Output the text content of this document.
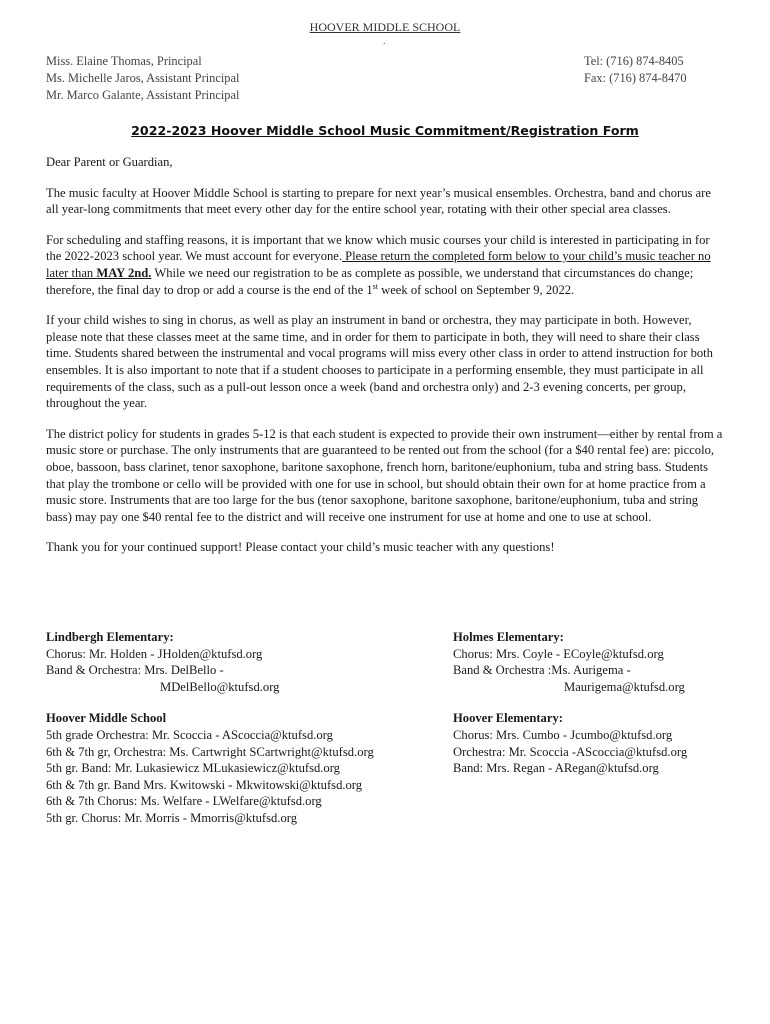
HOOVER MIDDLE SCHOOL
.
Miss. Elaine Thomas, Principal
Ms. Michelle Jaros, Assistant Principal
Mr. Marco Galante, Assistant Principal
Tel: (716) 874-8405
Fax: (716) 874-8470
2022-2023 Hoover Middle School Music Commitment/Registration Form

Dear Parent or Guardian,

The music faculty at Hoover Middle School is starting to prepare for next year’s musical ensembles. Orchestra, band and chorus are all year-long commitments that meet every other day for the entire school year, rotating with their other special area classes.

For scheduling and staffing reasons, it is important that we know which music courses your child is interested in participating in for the 2022-2023 school year. We must account for everyone. Please return the completed form below to your child’s music teacher no later than MAY 2nd. While we need our registration to be as complete as possible, we understand that circumstances do change; therefore, the final day to drop or add a course is the end of the 1st week of school on September 9, 2022.

If your child wishes to sing in chorus, as well as play an instrument in band or orchestra, they may participate in both. However, please note that these classes meet at the same time, and in order for them to participate in both, they will need to share their class time. Students shared between the instrumental and vocal programs will miss every other class in order to attend instruction for both ensembles. It is also important to note that if a student chooses to participate in a performing ensemble, they must participate in all requirements of the class, such as a pull-out lesson once a week (band and orchestra only) and 2-3 evening concerts, per group, throughout the year.

The district policy for students in grades 5-12 is that each student is expected to provide their own instrument—either by rental from a music store or purchase. The only instruments that are guaranteed to be rented out from the school (for a $40 rental fee) are: piccolo, oboe, bassoon, bass clarinet, tenor saxophone, baritone saxophone, french horn, baritone/euphonium, tuba and string bass. Students that play the trombone or cello will be provided with one for use in school, but should obtain their own for at home practice from a music store. Instruments that are too large for the bus (tenor saxophone, baritone saxophone, baritone/euphonium, tuba and string bass) may pay one $40 rental fee to the district and will receive one instrument for use at home and one to use at school.

Thank you for your continued support! Please contact your child’s music teacher with any questions!

Lindbergh Elementary:
Chorus: Mr. Holden - JHolden@ktufsd.org
Band & Orchestra: Mrs. DelBello -
MDelBello@ktufsd.org
Hoover Middle School
5th grade Orchestra: Mr. Scoccia - AScoccia@ktufsd.org
6th & 7th gr, Orchestra: Ms. Cartwright SCartwright@ktufsd.org
5th gr. Band: Mr. Lukasiewicz MLukasiewicz@ktufsd.org
6th & 7th gr. Band Mrs. Kwitowski - Mkwitowski@ktufsd.org
6th & 7th Chorus: Ms. Welfare - LWelfare@ktufsd.org
5th gr. Chorus: Mr. Morris - Mmorris@ktufsd.org
Holmes Elementary:
Chorus: Mrs. Coyle - ECoyle@ktufsd.org
Band & Orchestra :Ms. Aurigema -
Maurigema@ktufsd.org
Hoover Elementary:
Chorus: Mrs. Cumbo - Jcumbo@ktufsd.org
Orchestra: Mr. Scoccia -AScoccia@ktufsd.org
Band: Mrs. Regan - ARegan@ktufsd.org
